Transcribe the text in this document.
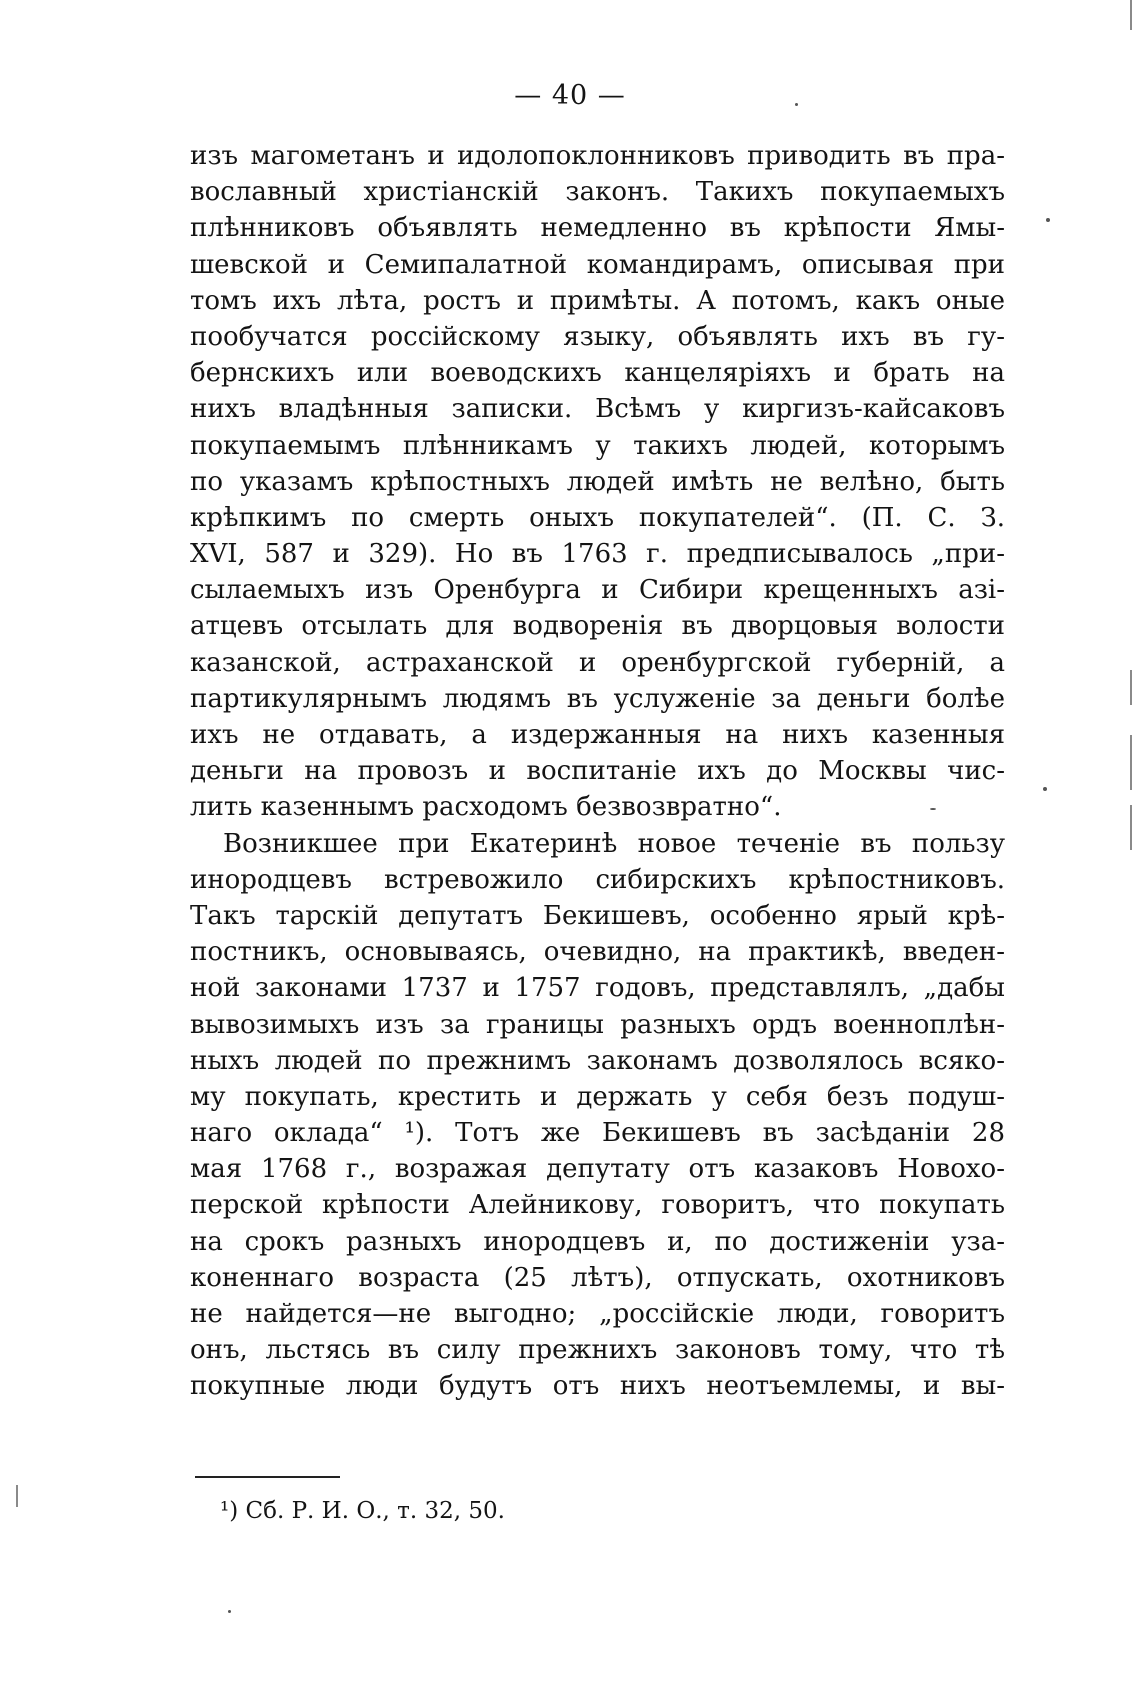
— 40 —
изъ магометанъ и идолопоклонниковъ приводить въ пра-
вославный христіанскій законъ. Такихъ покупаемыхъ
плѣнниковъ объявлять немедленно въ крѣпости Ямы-
шевской и Семипалатной командирамъ, описывая при
томъ ихъ лѣта, ростъ и примѣты. А потомъ, какъ оные
пообучатся россійскому языку, объявлять ихъ въ гу-
бернскихъ или воеводскихъ канцеляріяхъ и брать на
нихъ владѣнныя записки. Всѣмъ у киргизъ-кайсаковъ
покупаемымъ плѣнникамъ у такихъ людей, которымъ
по указамъ крѣпостныхъ людей имѣть не велѣно, быть
крѣпкимъ по смерть оныхъ покупателей“. (П. С. З.
XVI, 587 и 329). Но въ 1763 г. предписывалось „при-
сылаемыхъ изъ Оренбурга и Сибири крещенныхъ азі-
атцевъ отсылать для водворенія въ дворцовыя волости
казанской, астраханской и оренбургской губерній, а
партикулярнымъ людямъ въ услуженіе за деньги болѣе
ихъ не отдавать, а издержанныя на нихъ казенныя
деньги на провозъ и воспитаніе ихъ до Москвы чис-
лить казеннымъ расходомъ безвозвратно“.
Возникшее при Екатеринѣ новое теченіе въ пользу
инородцевъ встревожило сибирскихъ крѣпостниковъ.
Такъ тарскій депутатъ Бекишевъ, особенно ярый крѣ-
постникъ, основываясь, очевидно, на практикѣ, введен-
ной законами 1737 и 1757 годовъ, представлялъ, „дабы
вывозимыхъ изъ за границы разныхъ ордъ военноплѣн-
ныхъ людей по прежнимъ законамъ дозволялось всяко-
му покупать, крестить и держать у себя безъ подуш-
наго оклада“ ¹). Тотъ же Бекишевъ въ засѣданіи 28
мая 1768 г., возражая депутату отъ казаковъ Новохо-
перской крѣпости Алейникову, говоритъ, что покупать
на срокъ разныхъ инородцевъ и, по достиженіи уза-
коненнаго возраста (25 лѣтъ), отпускать, охотниковъ
не найдется—не выгодно; „россійскіе люди, говоритъ
онъ, льстясь въ силу прежнихъ законовъ тому, что тѣ
покупные люди будутъ отъ нихъ неотъемлемы, и вы-
¹) Сб. Р. И. О., т. 32, 50.
